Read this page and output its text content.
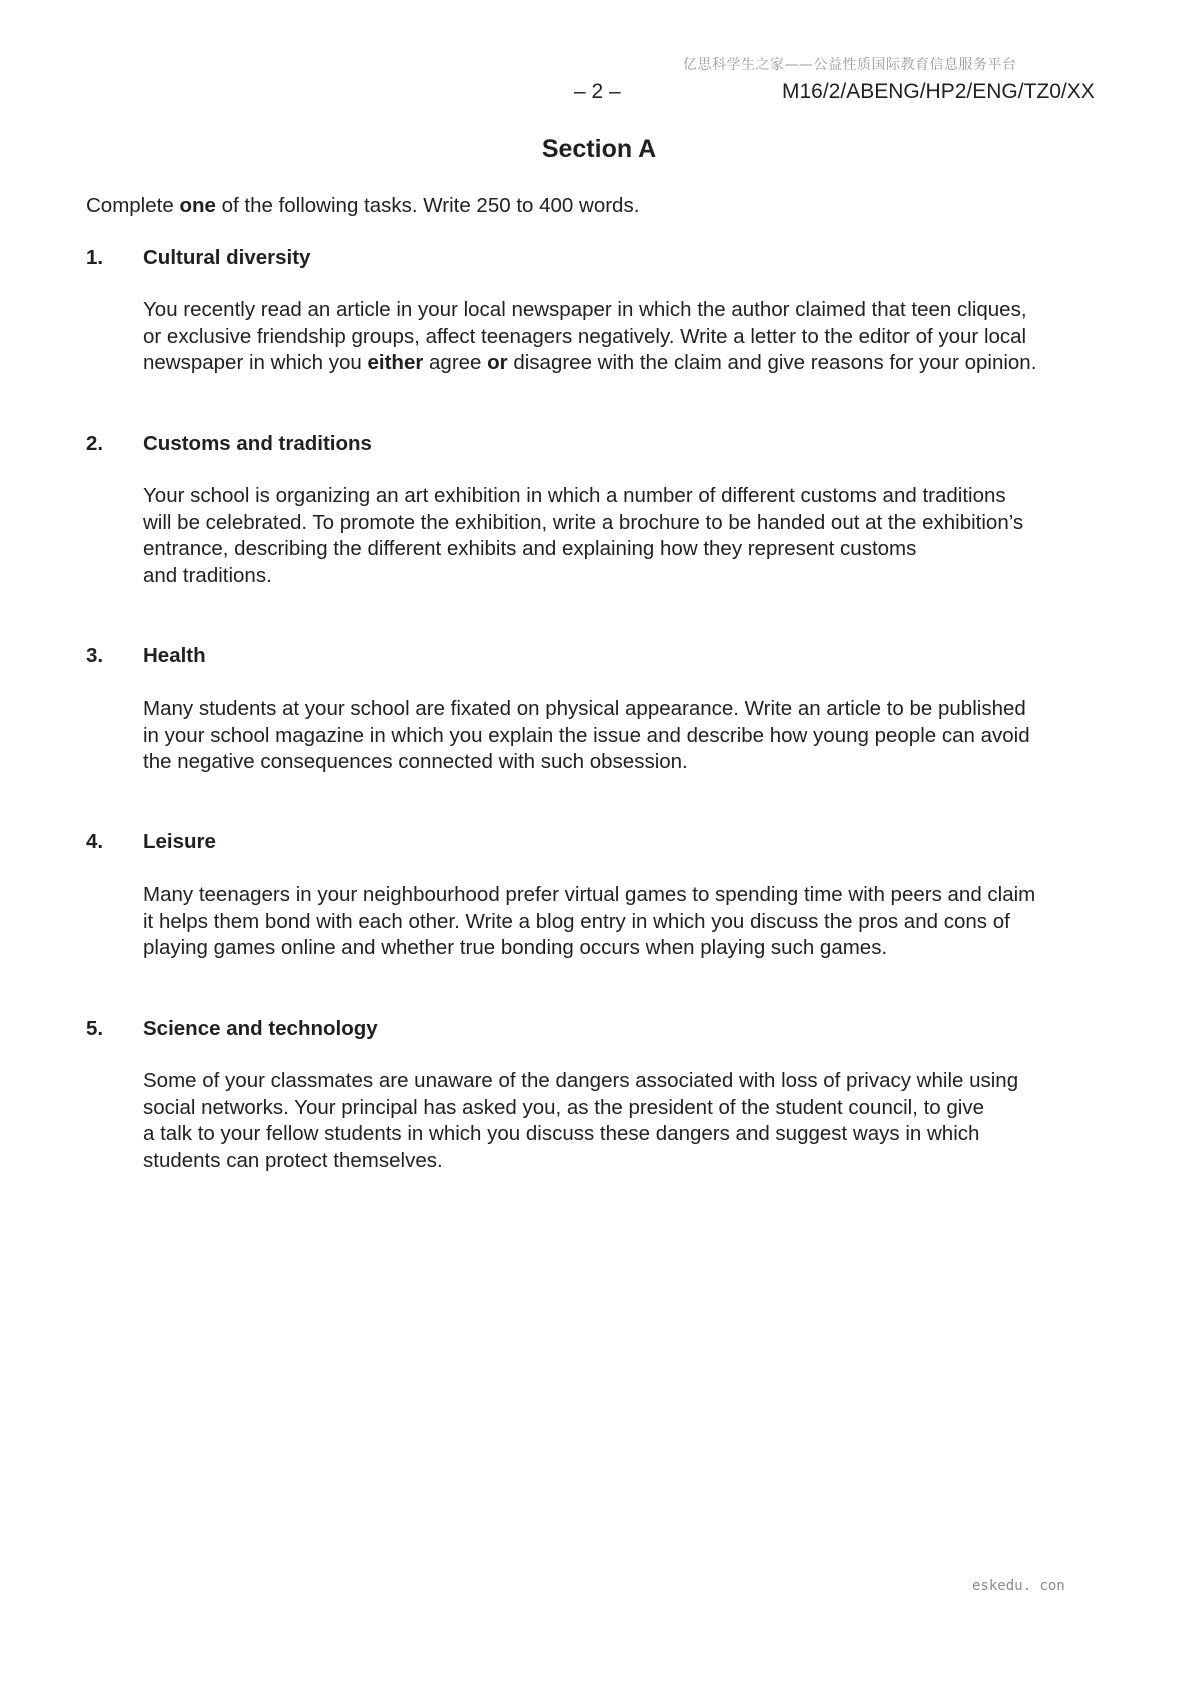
亿思科学生之家——公益性质国际教育信息服务平台
– 2 –	M16/2/ABENG/HP2/ENG/TZ0/XX
Section A
Complete one of the following tasks. Write 250 to 400 words.
1. Cultural diversity
You recently read an article in your local newspaper in which the author claimed that teen cliques,
or exclusive friendship groups, affect teenagers negatively. Write a letter to the editor of your local
newspaper in which you either agree or disagree with the claim and give reasons for your opinion.
2. Customs and traditions
Your school is organizing an art exhibition in which a number of different customs and traditions
will be celebrated. To promote the exhibition, write a brochure to be handed out at the exhibition’s
entrance, describing the different exhibits and explaining how they represent customs
and traditions.
3. Health
Many students at your school are fixated on physical appearance. Write an article to be published
in your school magazine in which you explain the issue and describe how young people can avoid
the negative consequences connected with such obsession.
4. Leisure
Many teenagers in your neighbourhood prefer virtual games to spending time with peers and claim
it helps them bond with each other. Write a blog entry in which you discuss the pros and cons of
playing games online and whether true bonding occurs when playing such games.
5. Science and technology
Some of your classmates are unaware of the dangers associated with loss of privacy while using
social networks. Your principal has asked you, as the president of the student council, to give
a talk to your fellow students in which you discuss these dangers and suggest ways in which
students can protect themselves.
eskedu. con
